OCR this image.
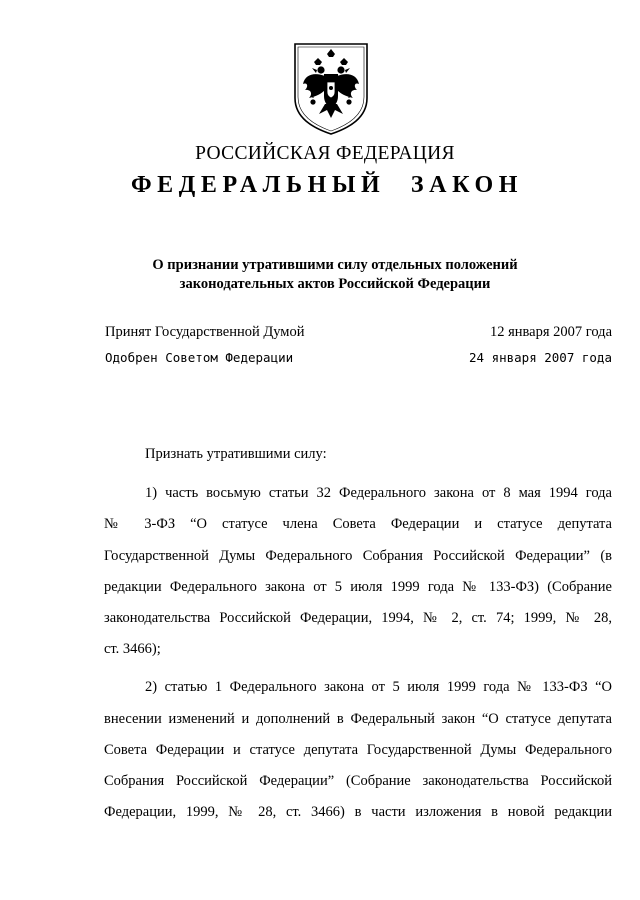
РОССИЙСКАЯ ФЕДЕРАЦИЯ
ФЕДЕРАЛЬНЫЙ ЗАКОН
О признании утратившими силу отдельных положений
законодательных актов Российской Федерации
Принят Государственной Думой	12 января 2007 года
Одобрен Советом Федерации	24 января 2007 года
Признать утратившими силу:
1) часть восьмую статьи 32 Федерального закона от 8 мая 1994 года
№ 3-ФЗ “О статусе члена Совета Федерации и статусе депутата
Государственной Думы Федерального Собрания Российской Федерации” (в
редакции Федерального закона от 5 июля 1999 года № 133-ФЗ) (Собрание
законодательства Российской Федерации, 1994, № 2, ст. 74; 1999, № 28,
ст. 3466);
2) статью 1 Федерального закона от 5 июля 1999 года № 133-ФЗ “О
внесении изменений и дополнений в Федеральный закон “О статусе депутата
Совета Федерации и статусе депутата Государственной Думы Федерального
Собрания Российской Федерации” (Собрание законодательства Российской
Федерации, 1999, № 28, ст. 3466) в части изложения в новой редакции
